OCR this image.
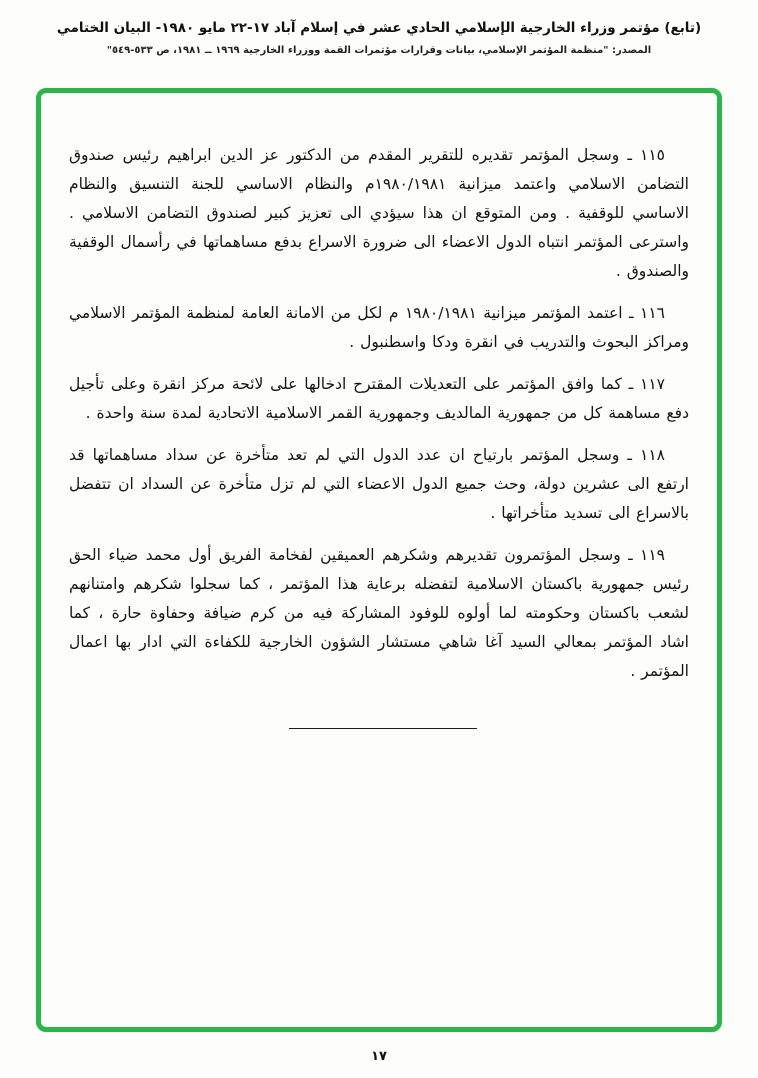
(تابع) مؤتمر وزراء الخارجية الإسلامي الحادي عشر في إسلام آباد ١٧-٢٢ مايو ١٩٨٠- البيان الختامي
المصدر: "منظمة المؤتمر الإسلامي، بيانات وقرارات مؤتمرات القمة ووزراء الخارجية ١٩٦٩ ــ ١٩٨١، ص ٥٣٣-٥٤٩"

١١٥ ـ وسجل المؤتمر تقديره للتقرير المقدم من الدكتور عز الدين ابراهيم رئيس صندوق التضامن الاسلامي واعتمد ميزانية ١٩٨٠/١٩٨١م والنظام الاساسي للجنة التنسيق والنظام الاساسي للوقفية . ومن المتوقع ان هذا سيؤدي الى تعزيز كبير لصندوق التضامن الاسلامي . واسترعى المؤتمر انتباه الدول الاعضاء الى ضرورة الاسراع بدفع مساهماتها في رأسمال الوقفية والصندوق .

١١٦ ـ اعتمد المؤتمر ميزانية ١٩٨٠/١٩٨١ م لكل من الامانة العامة لمنظمة المؤتمر الاسلامي ومراكز البحوث والتدريب في انقرة ودكا واسطنبول .

١١٧ ـ كما وافق المؤتمر على التعديلات المقترح ادخالها على لائحة مركز انقرة وعلى تأجيل دفع مساهمة كل من جمهورية المالديف وجمهورية القمر الاسلامية الاتحادية لمدة سنة واحدة .

١١٨ ـ وسجل المؤتمر بارتياح ان عدد الدول التي لم تعد متأخرة عن سداد مساهماتها قد ارتفع الى عشرين دولة، وحث جميع الدول الاعضاء التي لم تزل متأخرة عن السداد ان تتفضل بالاسراع الى تسديد متأخراتها .

١١٩ ـ وسجل المؤتمرون تقديرهم وشكرهم العميقين لفخامة الفريق أول محمد ضياء الحق رئيس جمهورية باكستان الاسلامية لتفضله برعاية هذا المؤتمر ، كما سجلوا شكرهم وامتنانهم لشعب باكستان وحكومته لما أولوه للوفود المشاركة فيه من كرم ضيافة وحفاوة حارة ، كما اشاد المؤتمر بمعالي السيد آغا شاهي مستشار الشؤون الخارجية للكفاءة التي ادار بها اعمال المؤتمر .

١٧
